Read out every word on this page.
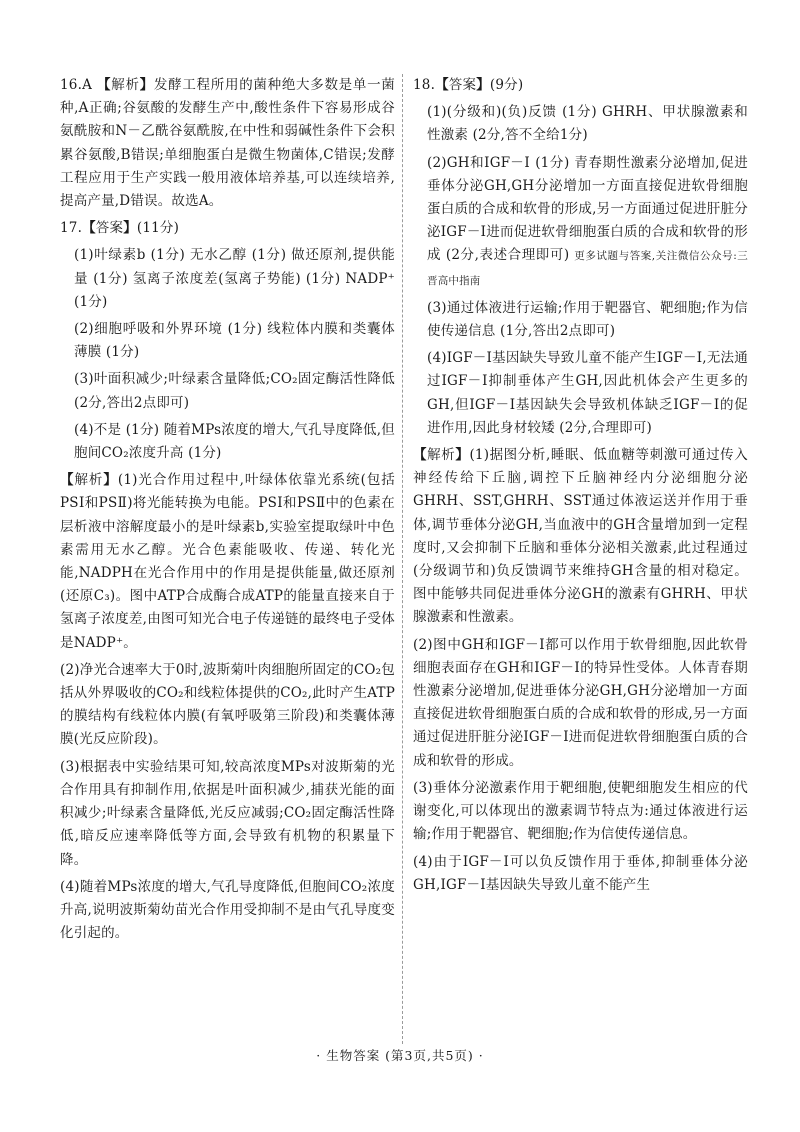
16.A 【 解析 】 发酵工程所用的菌种绝大多数是单一菌种,A正确;谷氨酸的发酵生产中,酸性条件下容易形成谷氨酰胺和N－乙酰谷氨酰胺,在中性和弱碱性条件下会积累谷氨酸,B错误;单细胞蛋白是微生物菌体,C错误;发酵工程应用于生产实践一般用液体培养基,可以连续培养,提高产量,D错误。故选A。

17. 【 答案 】 (11分)

(1)叶绿素b (1分) 无水乙醇 (1分) 做还原剂,提供能量 (1分) 氢离子浓度差(氢离子势能) (1分) NADP⁺ (1分)

(2)细胞呼吸和外界环境 (1分) 线粒体内膜和类囊体薄膜 (1分)

(3)叶面积减少;叶绿素含量降低;CO₂固定酶活性降低 (2分,答出2点即可)

(4)不是 (1分) 随着MPs浓度的增大,气孔导度降低,但胞间CO₂浓度升高 (1分)

【 解析 】 (1)光合作用过程中,叶绿体依靠光系统(包括PSⅠ和PSⅡ)将光能转换为电能。PSⅠ和PSⅡ中的色素在层析液中溶解度最小的是叶绿素b,实验室提取绿叶中色素需用无水乙醇。光合色素能吸收、传递、转化光能,NADPH在光合作用中的作用是提供能量,做还原剂(还原C₃)。图中ATP合成酶合成ATP的能量直接来自于氢离子浓度差,由图可知光合电子传递链的最终电子受体是NADP⁺。

(2)净光合速率大于0时,波斯菊叶肉细胞所固定的CO₂包括从外界吸收的CO₂和线粒体提供的CO₂,此时产生ATP的膜结构有线粒体内膜(有氧呼吸第三阶段)和类囊体薄膜(光反应阶段)。

(3)根据表中实验结果可知,较高浓度MPs对波斯菊的光合作用具有抑制作用,依据是叶面积减少,捕获光能的面积减少;叶绿素含量降低,光反应减弱;CO₂固定酶活性降低,暗反应速率降低等方面,会导致有机物的积累量下降。

(4)随着MPs浓度的增大,气孔导度降低,但胞间CO₂浓度升高,说明波斯菊幼苗光合作用受抑制不是由气孔导度变化引起的。

18. 【 答案 】 (9分)

(1)(分级和)(负)反馈 (1分) GHRH、甲状腺激素和性激素 (2分,答不全给1分)

(2)GH和IGF－Ⅰ (1分) 青春期性激素分泌增加,促进垂体分泌GH,GH分泌增加一方面直接促进软骨细胞蛋白质的合成和软骨的形成,另一方面通过促进肝脏分泌IGF－Ⅰ进而促进软骨细胞蛋白质的合成和软骨的形成 (2分,表述合理即可) 更多试题与答案,关注微信公众号:三晋高中指南

(3)通过体液进行运输;作用于靶器官、靶细胞;作为信使传递信息 (1分,答出2点即可)

(4)IGF－Ⅰ基因缺失导致儿童不能产生IGF－Ⅰ,无法通过IGF－Ⅰ抑制垂体产生GH,因此机体会产生更多的GH,但IGF－Ⅰ基因缺失会导致机体缺乏IGF－Ⅰ的促进作用,因此身材较矮 (2分,合理即可)

【 解析 】 (1)据图分析,睡眠、低血糖等刺激可通过传入神经传给下丘脑,调控下丘脑神经内分泌细胞分泌GHRH、SST,GHRH、SST通过体液运送并作用于垂体,调节垂体分泌GH,当血液中的GH含量增加到一定程度时,又会抑制下丘脑和垂体分泌相关激素,此过程通过(分级调节和)负反馈调节来维持GH含量的相对稳定。图中能够共同促进垂体分泌GH的激素有GHRH、甲状腺激素和性激素。

(2)图中GH和IGF－Ⅰ都可以作用于软骨细胞,因此软骨细胞表面存在GH和IGF－Ⅰ的特异性受体。人体青春期性激素分泌增加,促进垂体分泌GH,GH分泌增加一方面直接促进软骨细胞蛋白质的合成和软骨的形成,另一方面通过促进肝脏分泌IGF－Ⅰ进而促进软骨细胞蛋白质的合成和软骨的形成。

(3)垂体分泌激素作用于靶细胞,使靶细胞发生相应的代谢变化,可以体现出的激素调节特点为:通过体液进行运输;作用于靶器官、靶细胞;作为信使传递信息。

(4)由于IGF－Ⅰ可以负反馈作用于垂体,抑制垂体分泌GH,IGF－Ⅰ基因缺失导致儿童不能产生

· 生物答案 (第3页,共5页) ·
